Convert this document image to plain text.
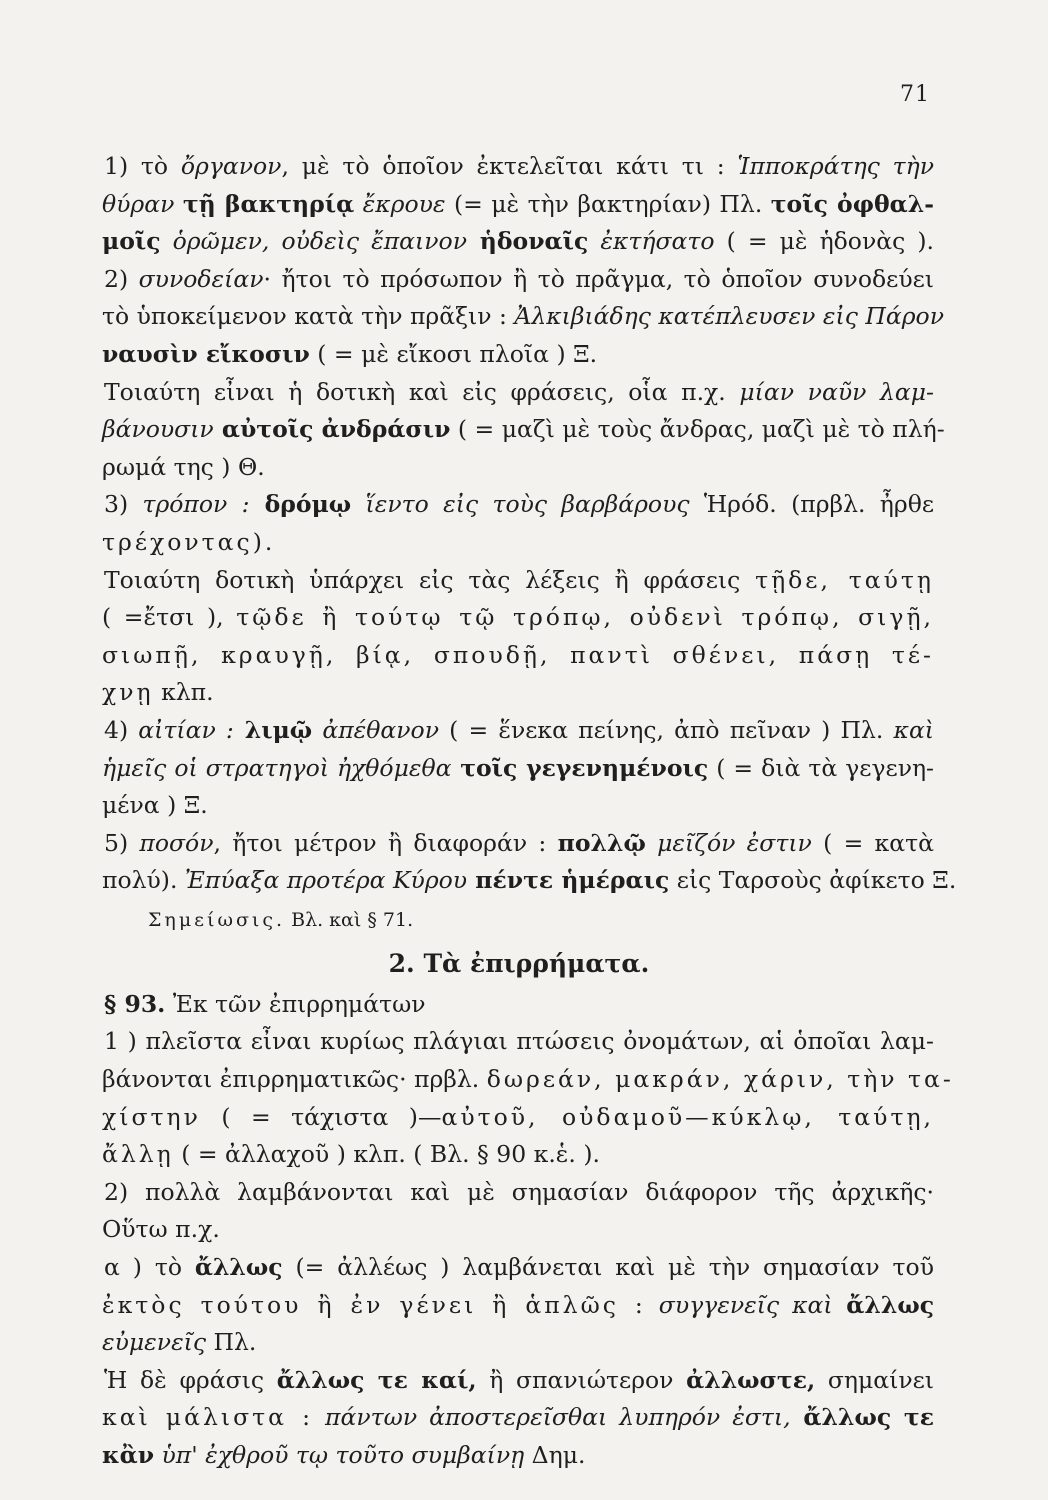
71
1) τὸ ὄργανον, μὲ τὸ ὁποῖον ἐκτελεῖται κάτι τι : Ἱπποκράτης τὴν
θύραν τῇ βακτηρίᾳ ἔκρουε (= μὲ τὴν βακτηρίαν) Πλ. τοῖς ὀφθαλ-
μοῖς ὁρῶμεν, οὐδεὶς ἔπαινον ἡδοναῖς ἐκτήσατο ( = μὲ ἡδονὰς ).
2) συνοδείαν· ἤτοι τὸ πρόσωπον ἢ τὸ πρᾶγμα, τὸ ὁποῖον συνοδεύει
τὸ ὑποκείμενον κατὰ τὴν πρᾶξιν : Ἀλκιβιάδης κατέπλευσεν εἰς Πάρον
ναυσὶν εἴκοσιν ( = μὲ εἴκοσι πλοῖα ) Ξ.
Τοιαύτη εἶναι ἡ δοτικὴ καὶ εἰς φράσεις, οἷα π.χ. μίαν ναῦν λαμ-
βάνουσιν αὐτοῖς ἀνδράσιν ( = μαζὶ μὲ τοὺς ἄνδρας, μαζὶ μὲ τὸ πλή-
ρωμά της ) Θ.
3) τρόπον : δρόμῳ ἵεντο εἰς τοὺς βαρβάρους Ἡρόδ. (πρβλ. ἦρθε
τρέχοντας).
Τοιαύτη δοτικὴ ὑπάρχει εἰς τὰς λέξεις ἢ φράσεις τῇδε, ταύτῃ
( =ἔτσι ), τῷδε ἢ τούτῳ τῷ τρόπῳ, οὐδενὶ τρόπῳ, σιγῇ,
σιωπῇ, κραυγῇ, βίᾳ, σπουδῇ, παντὶ σθένει, πάσῃ τέ-
χνῃ κλπ.
4) αἰτίαν : λιμῷ ἀπέθανον ( = ἕνεκα πείνης, ἀπὸ πεῖναν ) Πλ. καὶ
ἡμεῖς οἱ στρατηγοὶ ἠχθόμεθα τοῖς γεγενημένοις ( = διὰ τὰ γεγενη-
μένα ) Ξ.
5) ποσόν, ἤτοι μέτρον ἢ διαφοράν : πολλῷ μεῖζόν ἐστιν ( = κατὰ
πολύ). Ἐπύαξα προτέρα Κύρου πέντε ἡμέραις εἰς Ταρσοὺς ἀφίκετο Ξ.
Σημείωσις. Βλ. καὶ § 71.
2. Τὰ ἐπιρρήματα.
§ 93. Ἐκ τῶν ἐπιρρημάτων
1 ) πλεῖστα εἶναι κυρίως πλάγιαι πτώσεις ὀνομάτων, αἱ ὁποῖαι λαμ-
βάνονται ἐπιρρηματικῶς· πρβλ. δωρεάν, μακράν, χάριν, τὴν τα-
χίστην ( = τάχιστα )—αὐτοῦ, οὐδαμοῦ—κύκλῳ, ταύτῃ,
ἄλλῃ ( = ἀλλαχοῦ ) κλπ. ( Βλ. § 90 κ.ἑ. ).
2) πολλὰ λαμβάνονται καὶ μὲ σημασίαν διάφορον τῆς ἀρχικῆς·
Οὕτω π.χ.
α ) τὸ ἄλλως (= ἀλλέως ) λαμβάνεται καὶ μὲ τὴν σημασίαν τοῦ
ἐκτὸς τούτου ἢ ἐν γένει ἢ ἁπλῶς : συγγενεῖς καὶ ἄλλως
εὐμενεῖς Πλ.
Ἡ δὲ φράσις ἄλλως τε καί, ἢ σπανιώτερον ἀλλωστε, σημαίνει
καὶ μάλιστα : πάντων ἀποστερεῖσθαι λυπηρόν ἐστι, ἄλλως τε
κἂν ὑπ' ἐχθροῦ τῳ τοῦτο συμβαίνῃ Δημ.
